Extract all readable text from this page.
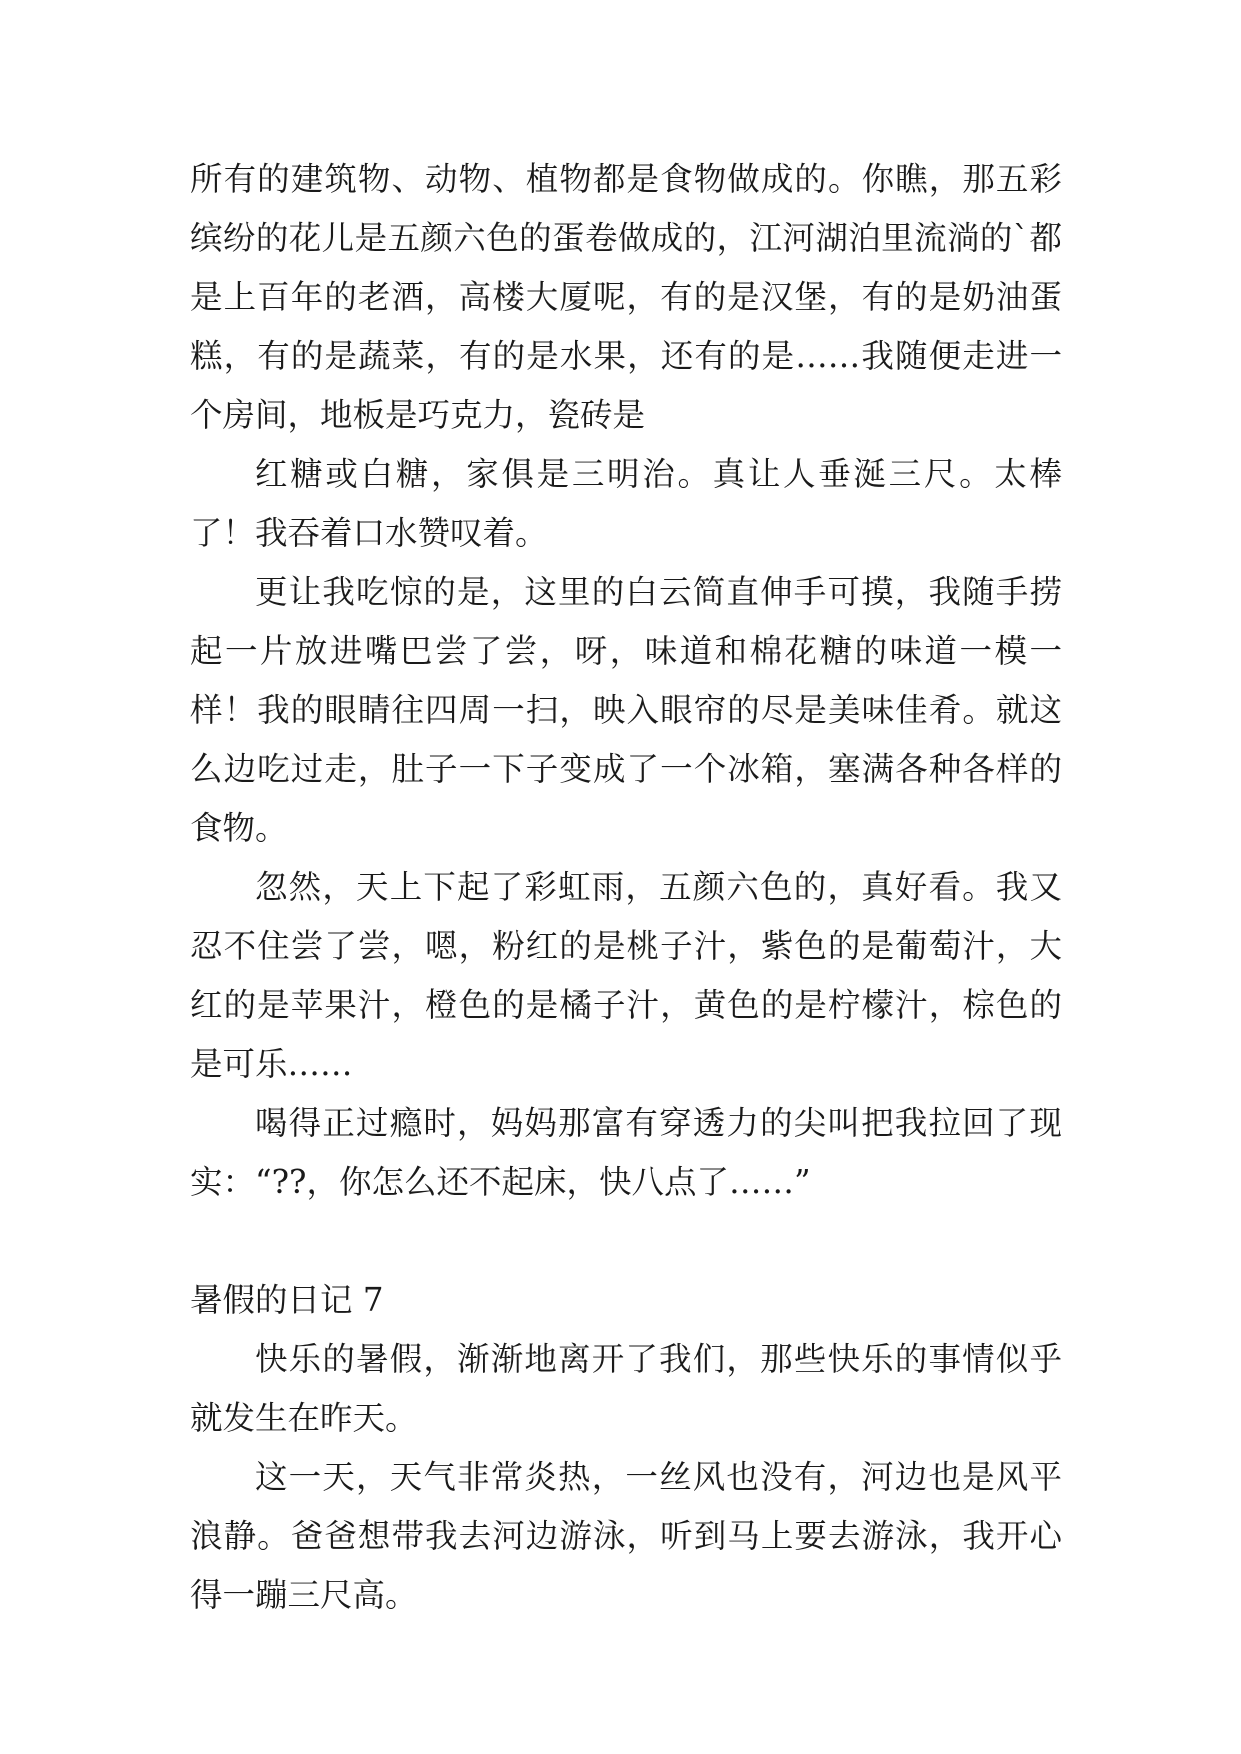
所有的建筑物、动物、植物都是食物做成的。你瞧，那五彩缤纷的花儿是五颜六色的蛋卷做成的，江河湖泊里流淌的`都是上百年的老酒，高楼大厦呢，有的是汉堡，有的是奶油蛋糕，有的是蔬菜，有的是水果，还有的是……我随便走进一个房间，地板是巧克力，瓷砖是

红糖或白糖，家俱是三明治。真让人垂涎三尺。太棒了！我吞着口水赞叹着。

更让我吃惊的是，这里的白云简直伸手可摸，我随手捞起一片放进嘴巴尝了尝，呀，味道和棉花糖的味道一模一样！我的眼睛往四周一扫，映入眼帘的尽是美味佳肴。就这么边吃过走，肚子一下子变成了一个冰箱，塞满各种各样的食物。

忽然，天上下起了彩虹雨，五颜六色的，真好看。我又忍不住尝了尝，嗯，粉红的是桃子汁，紫色的是葡萄汁，大红的是苹果汁，橙色的是橘子汁，黄色的是柠檬汁，棕色的是可乐……

喝得正过瘾时，妈妈那富有穿透力的尖叫把我拉回了现实：“??，你怎么还不起床，快八点了……”

暑假的日记 7

快乐的暑假，渐渐地离开了我们，那些快乐的事情似乎就发生在昨天。

这一天，天气非常炎热，一丝风也没有，河边也是风平浪静。爸爸想带我去河边游泳，听到马上要去游泳，我开心得一蹦三尺高。
